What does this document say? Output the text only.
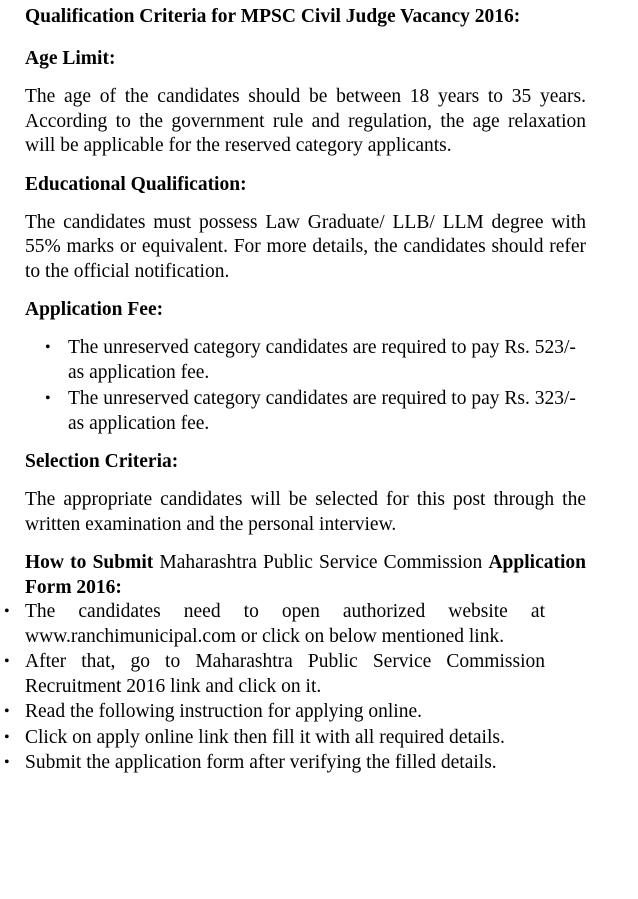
Qualification Criteria for MPSC Civil Judge Vacancy 2016:
Age Limit:

The age of the candidates should be between 18 years to 35 years. According to the government rule and regulation, the age relaxation will be applicable for the reserved category applicants.

Educational Qualification:

The candidates must possess Law Graduate/ LLB/ LLM degree with 55% marks or equivalent. For more details, the candidates should refer to the official notification.

Application Fee:
• The unreserved category candidates are required to pay Rs. 523/- as application fee.
• The unreserved category candidates are required to pay Rs. 323/- as application fee.
Selection Criteria:

The appropriate candidates will be selected for this post through the written examination and the personal interview.

How to Submit Maharashtra Public Service Commission Application Form 2016:

• The candidates need to open authorized website at www.ranchimunicipal.com or click on below mentioned link.
• After that, go to Maharashtra Public Service Commission Recruitment 2016 link and click on it.
• Read the following instruction for applying online.
• Click on apply online link then fill it with all required details.
• Submit the application form after verifying the filled details.
